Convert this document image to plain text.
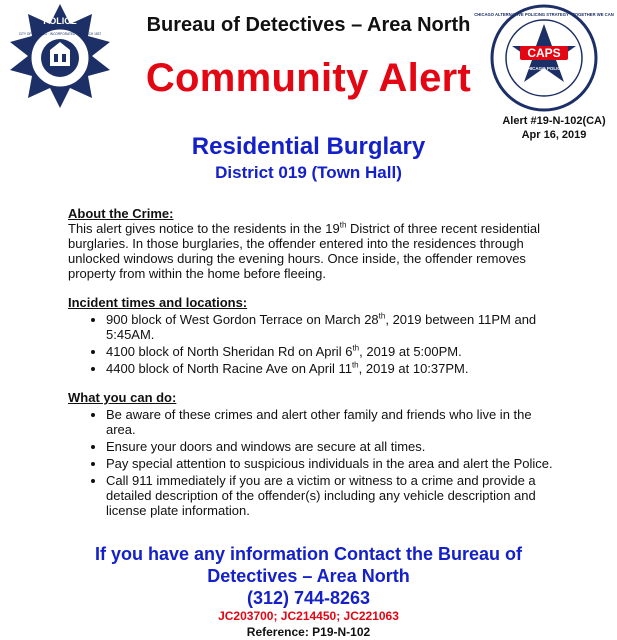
POLICE
CITY OF CHICAGO · INCORPORATED 4th MARCH 1837
CAPS
CHICAGO POLICE
CHICAGO ALTERNATIVE POLICING STRATEGY · TOGETHER WE CAN
Bureau of Detectives – Area North
Community Alert
Alert #19-N-102(CA)
Apr 16, 2019
Residential Burglary
District 019 (Town Hall)
About the Crime:

This alert gives notice to the residents in the 19th District of three recent residential burglaries. In those burglaries, the offender entered into the residences through unlocked windows during the evening hours. Once inside, the offender removes property from within the home before fleeing.

Incident times and locations:
• 900 block of West Gordon Terrace on March 28th, 2019 between 11PM and 5:45AM.
• 4100 block of North Sheridan Rd on April 6th, 2019 at 5:00PM.
• 4400 block of North Racine Ave on April 11th, 2019 at 10:37PM.
What you can do:
• Be aware of these crimes and alert other family and friends who live in the area.
• Ensure your doors and windows are secure at all times.
• Pay special attention to suspicious individuals in the area and alert the Police.
• Call 911 immediately if you are a victim or witness to a crime and provide a detailed description of the offender(s) including any vehicle description and license plate information.
If you have any information Contact the Bureau of
Detectives – Area North
(312) 744-8263
JC203700; JC214450; JC221063
Reference: P19-N-102
